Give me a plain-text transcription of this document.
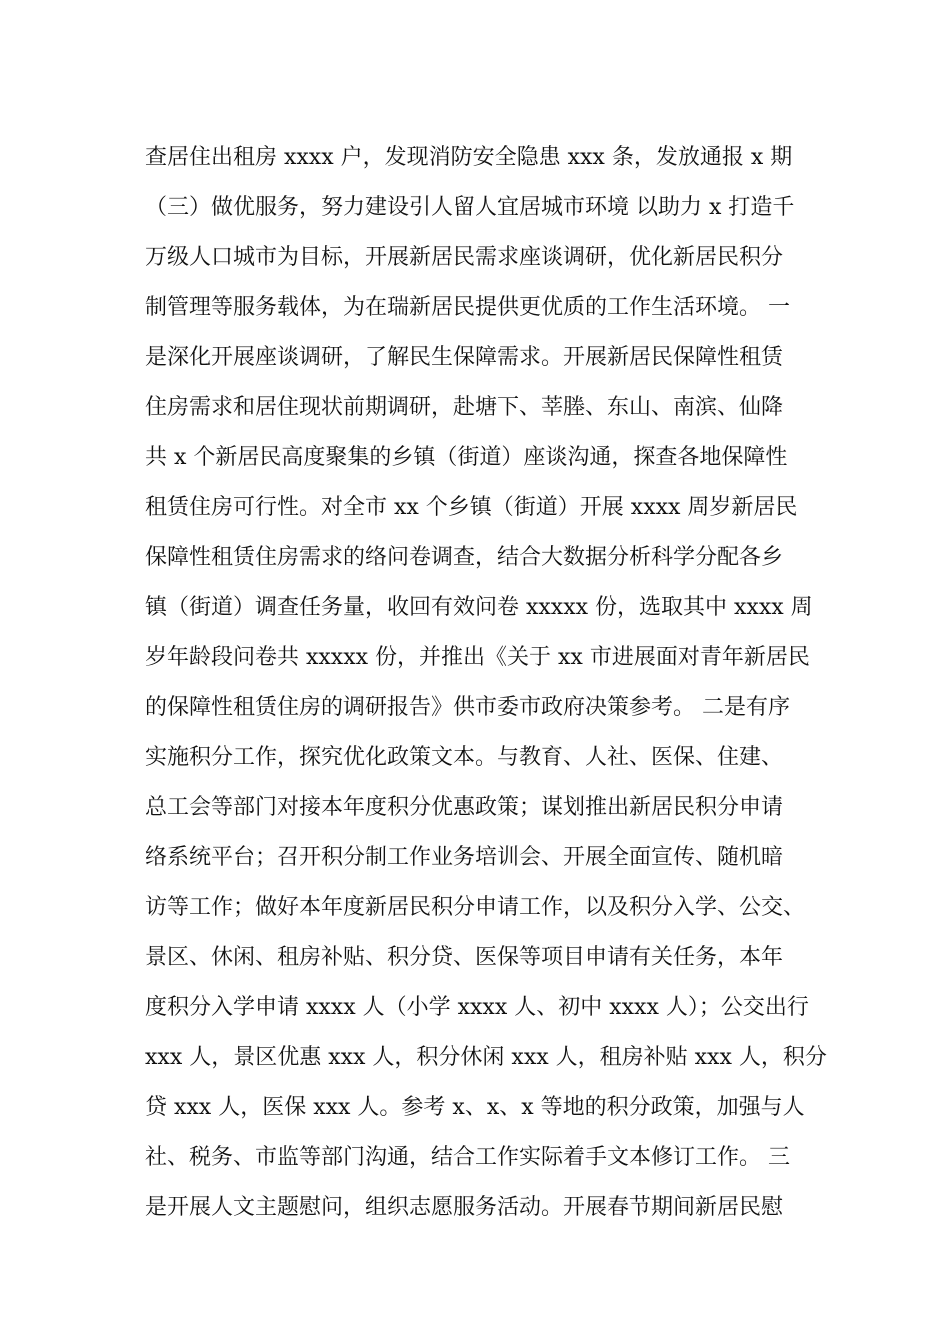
查居住出租房 xxxx 户，发现消防安全隐患 xxx 条，发放通报 x 期
（三）做优服务，努力建设引人留人宜居城市环境 以助力 x 打造千
万级人口城市为目标，开展新居民需求座谈调研，优化新居民积分
制管理等服务载体，为在瑞新居民提供更优质的工作生活环境。 一
是深化开展座谈调研，了解民生保障需求。开展新居民保障性租赁
住房需求和居住现状前期调研，赴塘下、莘塍、东山、南滨、仙降
共 x 个新居民高度聚集的乡镇（街道）座谈沟通，探查各地保障性
租赁住房可行性。对全市 xx 个乡镇（街道）开展 xxxx 周岁新居民
保障性租赁住房需求的络问卷调查，结合大数据分析科学分配各乡
镇（街道）调查任务量，收回有效问卷 xxxxx 份，选取其中 xxxx 周
岁年龄段问卷共 xxxxx 份，并推出《关于 xx 市进展面对青年新居民
的保障性租赁住房的调研报告》供市委市政府决策参考。 二是有序
实施积分工作，探究优化政策文本。与教育、人社、医保、住建、
总工会等部门对接本年度积分优惠政策；谋划推出新居民积分申请
络系统平台；召开积分制工作业务培训会、开展全面宣传、随机暗
访等工作；做好本年度新居民积分申请工作，以及积分入学、公交、
景区、休闲、租房补贴、积分贷、医保等项目申请有关任务，本年
度积分入学申请 xxxx 人（小学 xxxx 人、初中 xxxx 人）；公交出行
xxx 人，景区优惠 xxx 人，积分休闲 xxx 人，租房补贴 xxx 人，积分
贷 xxx 人，医保 xxx 人。参考 x、x、x 等地的积分政策，加强与人
社、税务、市监等部门沟通，结合工作实际着手文本修订工作。 三
是开展人文主题慰问，组织志愿服务活动。开展春节期间新居民慰
